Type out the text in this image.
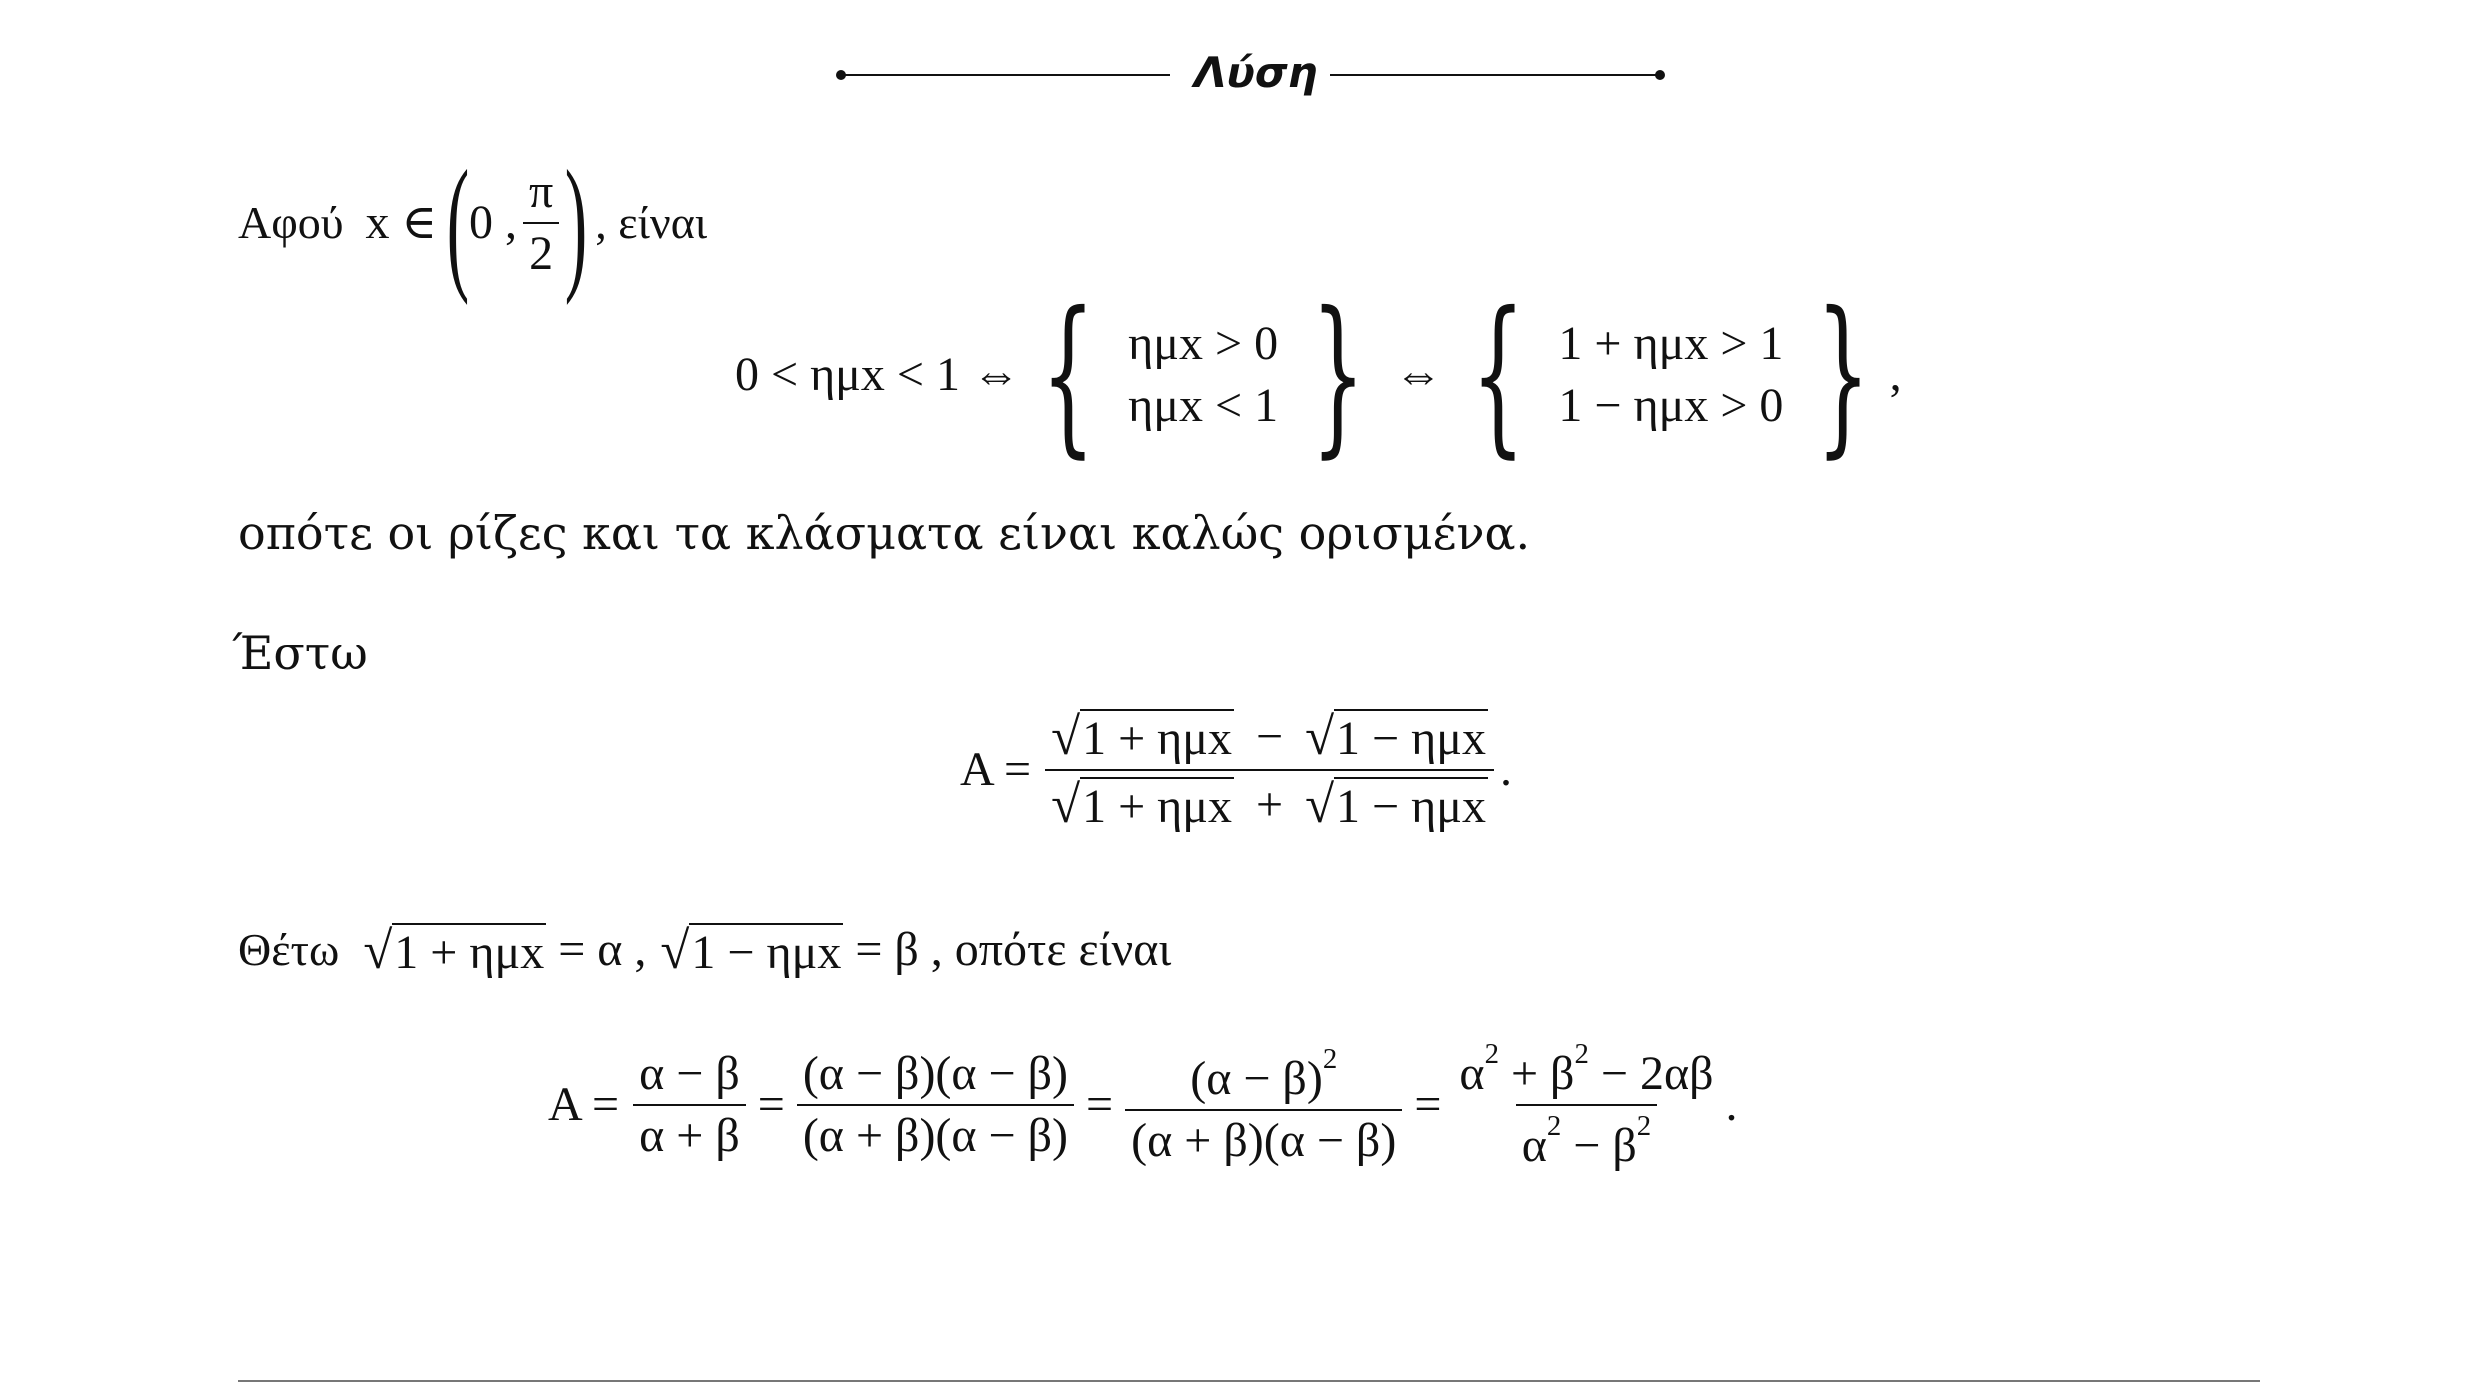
Λύση
Αφού x ∈ ( 0 , $\frac{\pi}{2}$ ) , είναι
0 < ημx < 1 ⇔ { ημx > 0
ημx < 1 } ⇔ { 1 + ημx > 1
1 − ημx > 0 } ,
οπότε οι ρίζες και τα κλάσματα είναι καλώς ορισμένα.
Έστω
$A = \frac{\text{√ 1 + ημx − √ 1 − ημx}}{\text{√ 1 + ημx + √ 1 − ημx}}$ .
Θέτω √ 1 + ημx = α , √ 1 − ημx = β , οπότε είναι
$A = \frac{\alpha - \beta}{\alpha + \beta} = \frac{(\alpha - \beta)(\alpha - \beta)}{(\alpha + \beta)(\alpha - \beta)} = \frac{(\alpha - \beta)^2}{(\alpha + \beta)(\alpha - \beta)} = \frac{\alpha^2 + \beta^2 - 2\alpha\beta}{\alpha^2 - \beta^2}$ .
